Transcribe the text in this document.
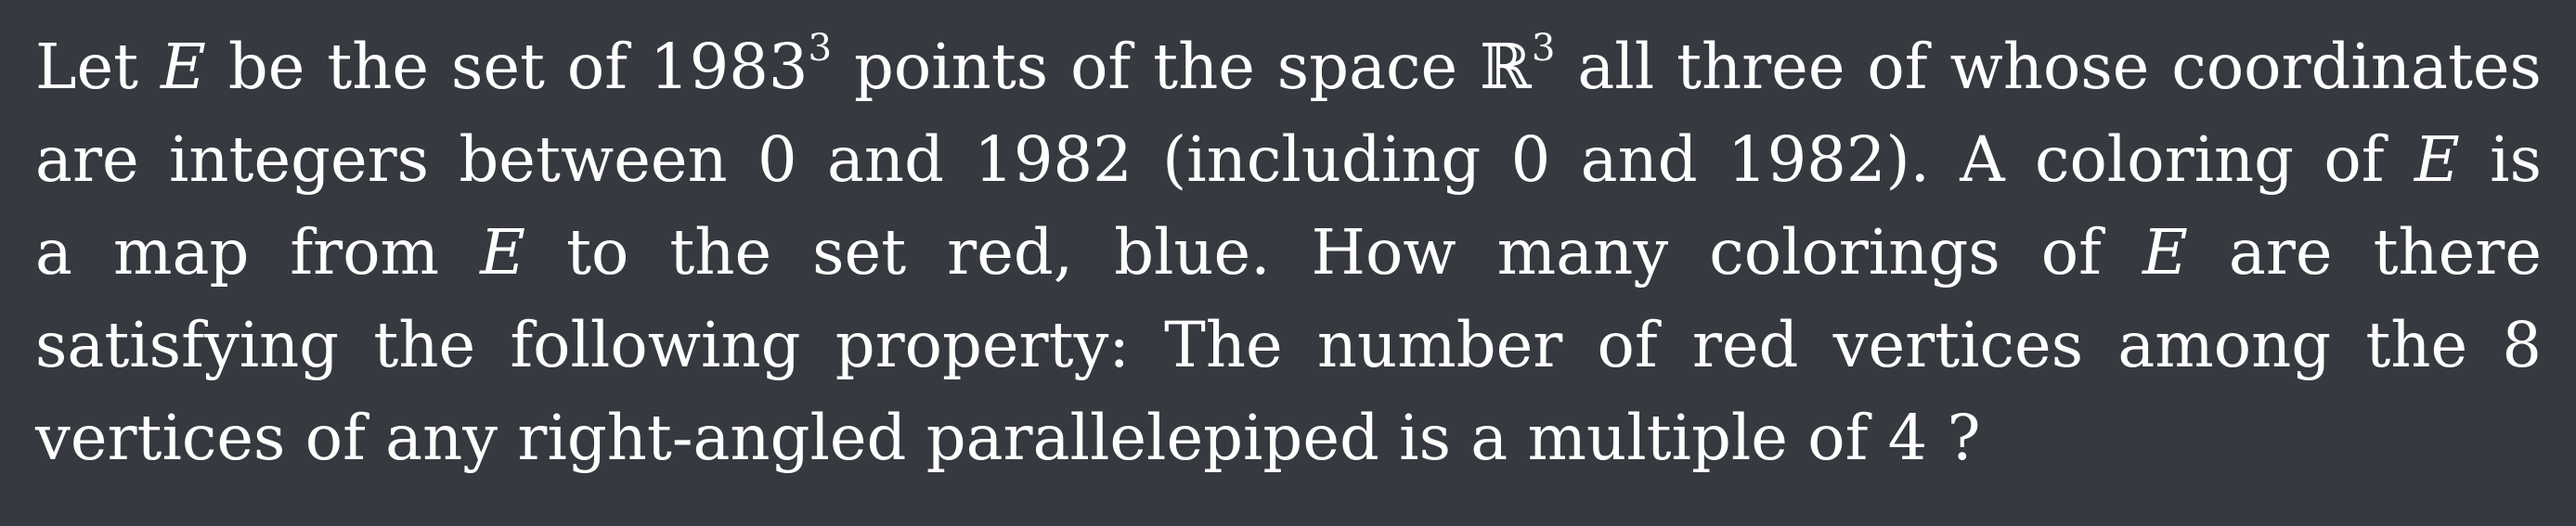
Let E be the set of 1983$^3$ points of the space ℝ$^3$ all three of whose coordinates
are integers between 0 and 1982 (including 0 and 1982). A coloring of E is
a map from E to the set red, blue. How many colorings of E are there
satisfying the following property: The number of red vertices among the 8
vertices of any right-angled parallelepiped is a multiple of 4 ?
